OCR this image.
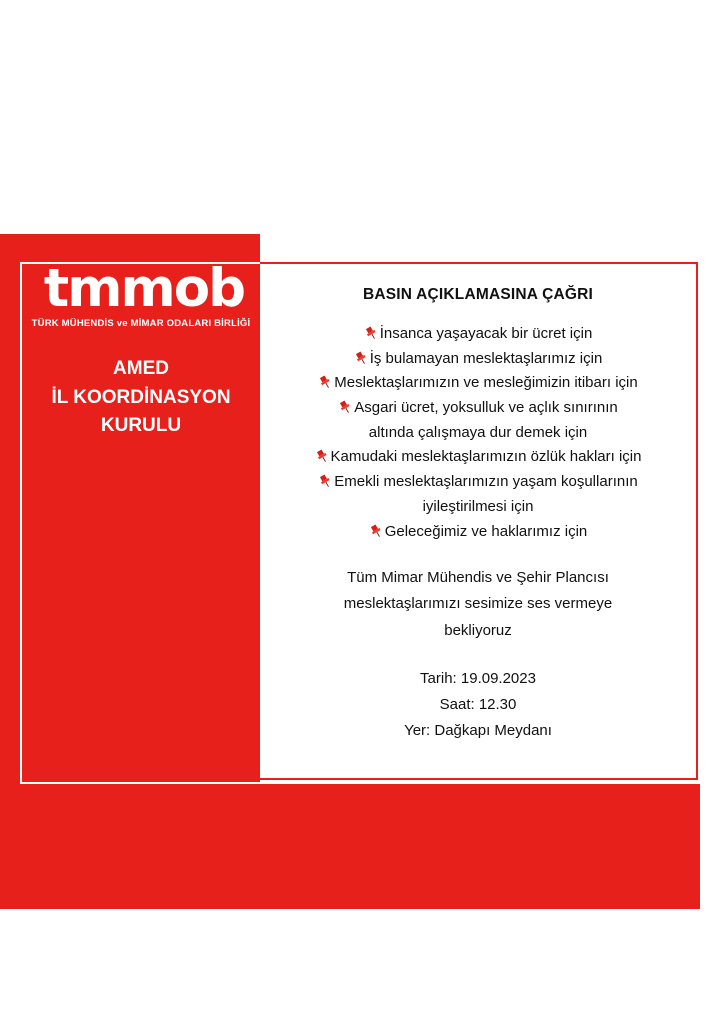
tmmob
TÜRK MÜHENDİS ve MİMAR ODALARI BİRLİĞİ
AMED
İL KOORDİNASYON
KURULU
BASIN AÇIKLAMASINA ÇAĞRI
İnsanca yaşayacak bir ücret için
İş bulamayan meslektaşlarımız için
Meslektaşlarımızın ve mesleğimizin itibarı için
Asgari ücret, yoksulluk ve açlık sınırının
altında çalışmaya dur demek için
Kamudaki meslektaşlarımızın özlük hakları için
Emekli meslektaşlarımızın yaşam koşullarının
iyileştirilmesi için
Geleceğimiz ve haklarımız için
Tüm Mimar Mühendis ve Şehir Plancısı
meslektaşlarımızı sesimize ses vermeye
bekliyoruz
Tarih: 19.09.2023
Saat: 12.30
Yer: Dağkapı Meydanı
